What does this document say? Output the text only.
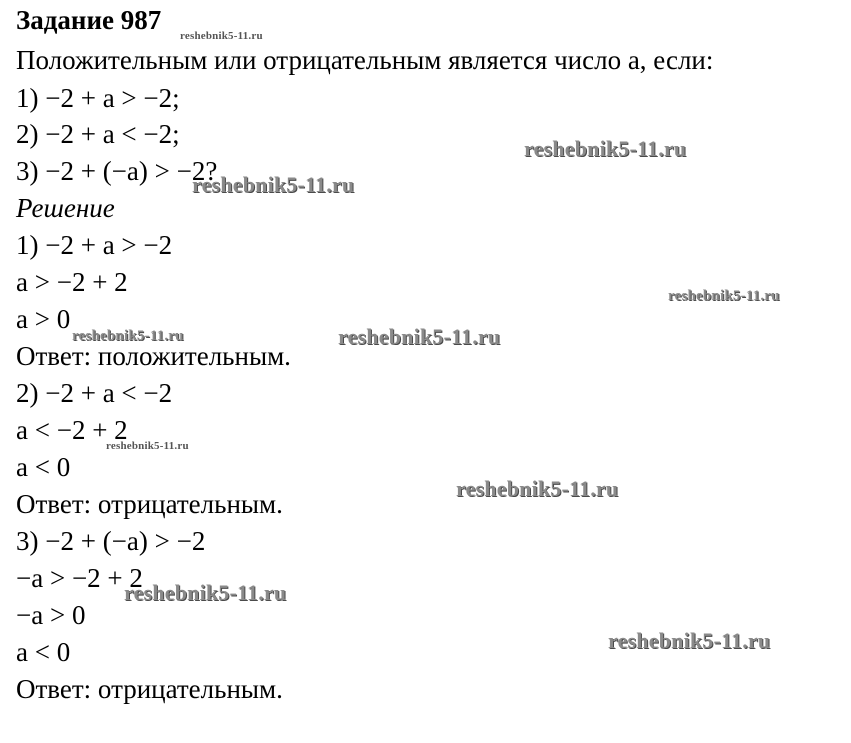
Задание 987
Положительным или отрицательным является число a, если:
1) −2 + a > −2;
2) −2 + a < −2;
3) −2 + (−a) > −2?
Решение
1) −2 + a > −2
a > −2 + 2
a > 0
Ответ: положительным.
2) −2 + a < −2
a < −2 + 2
a < 0
Ответ: отрицательным.
3) −2 + (−a) > −2
−a > −2 + 2
−a > 0
a < 0
Ответ: отрицательным.
reshebnik5-11.ru
reshebnik5-11.ru
reshebnik5-11.ru
reshebnik5-11.ru
reshebnik5-11.ru	reshebnik5-11.ru
reshebnik5-11.ru
reshebnik5-11.ru
reshebnik5-11.ru
reshebnik5-11.ru
